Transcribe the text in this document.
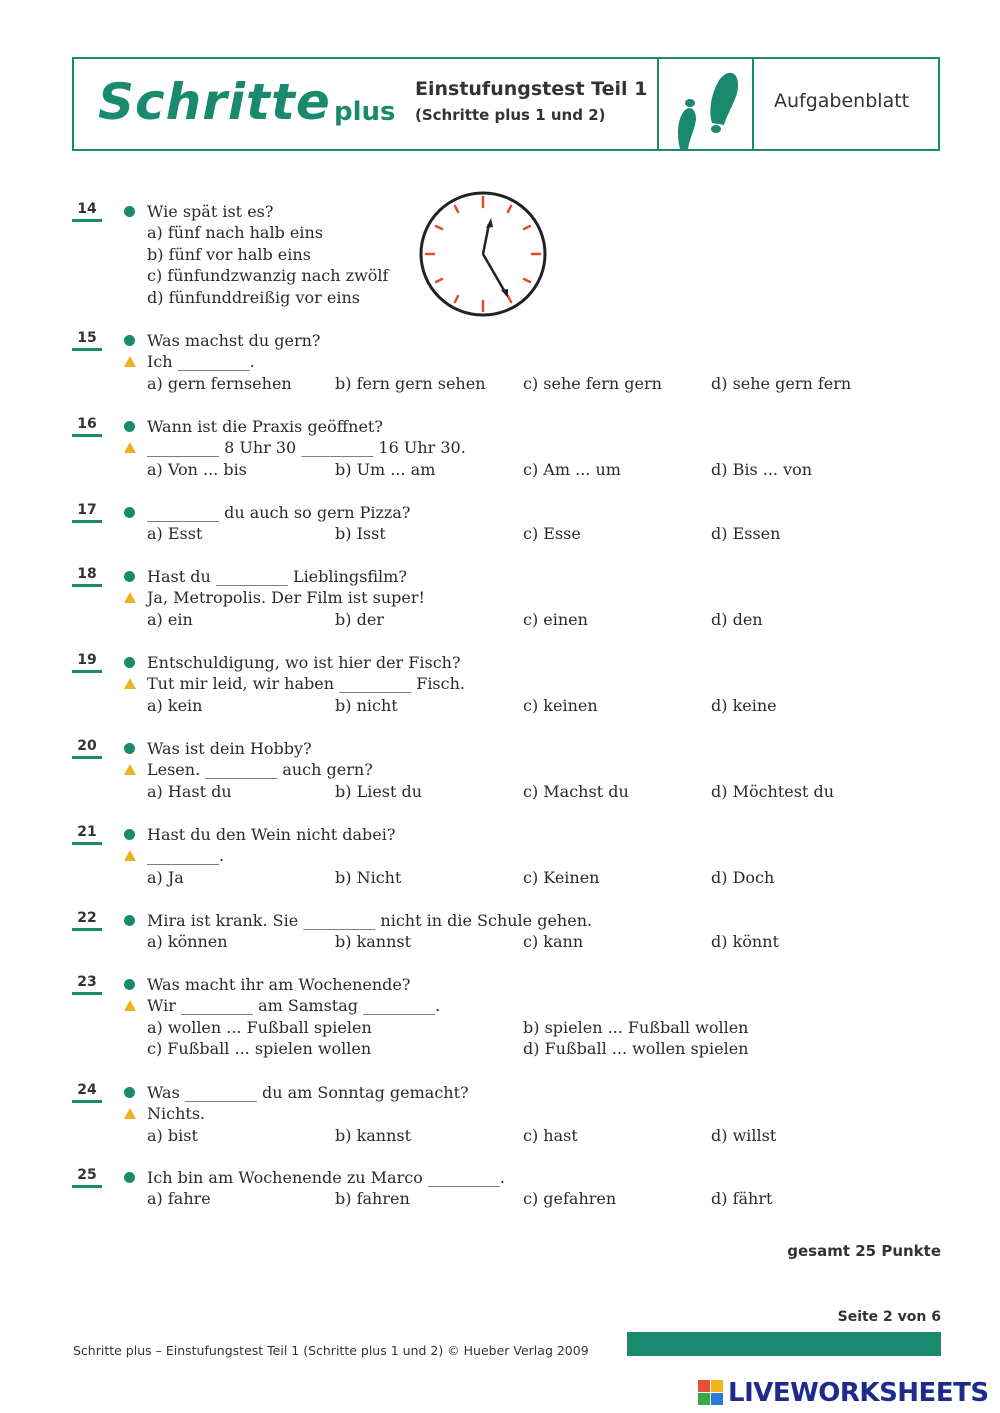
Schritte plus
Einstufungstest Teil 1
(Schritte plus 1 und 2)
Aufgabenblatt
14	Wie spät ist es?
a) fünf nach halb eins
b) fünf vor halb eins
c) fünfundzwanzig nach zwölf
d) fünfunddreißig vor eins
15	Was machst du gern?
Ich _________.
a) gern fernsehen	b) fern gern sehen c) sehe fern gern	d) sehe gern fern
16	Wann ist die Praxis geöffnet?
_________ 8 Uhr 30 _________ 16 Uhr 30.
a) Von ... bis	b) Um ... am	c) Am ... um	d) Bis ... von
17	_________ du auch so gern Pizza?
a) Esst	b) Isst	c) Esse	d) Essen
18	Hast du _________ Lieblingsfilm?
Ja, Metropolis. Der Film ist super!
a) ein	b) der	c) einen	d) den
19	Entschuldigung, wo ist hier der Fisch?
Tut mir leid, wir haben _________ Fisch.
a) kein	b) nicht	c) keinen	d) keine
20	Was ist dein Hobby?
Lesen. _________ auch gern?
a) Hast du	b) Liest du	c) Machst du	d) Möchtest du
21	Hast du den Wein nicht dabei?
_________.
a) Ja	b) Nicht	c) Keinen	d) Doch
22	Mira ist krank. Sie _________ nicht in die Schule gehen.
a) können	b) kannst	c) kann	d) könnt
23	Was macht ihr am Wochenende?
Wir _________ am Samstag _________.
a) wollen ... Fußball spielen	b) spielen ... Fußball wollen
c) Fußball ... spielen wollen	d) Fußball ... wollen spielen
24	Was _________ du am Sonntag gemacht?
Nichts.
a) bist	b) kannst	c) hast	d) willst
25	Ich bin am Wochenende zu Marco _________.
a) fahre	b) fahren	c) gefahren	d) fährt
gesamt 25 Punkte
Seite 2 von 6
Schritte plus – Einstufungstest Teil 1 (Schritte plus 1 und 2) © Hueber Verlag 2009
LIVEWORKSHEETS
